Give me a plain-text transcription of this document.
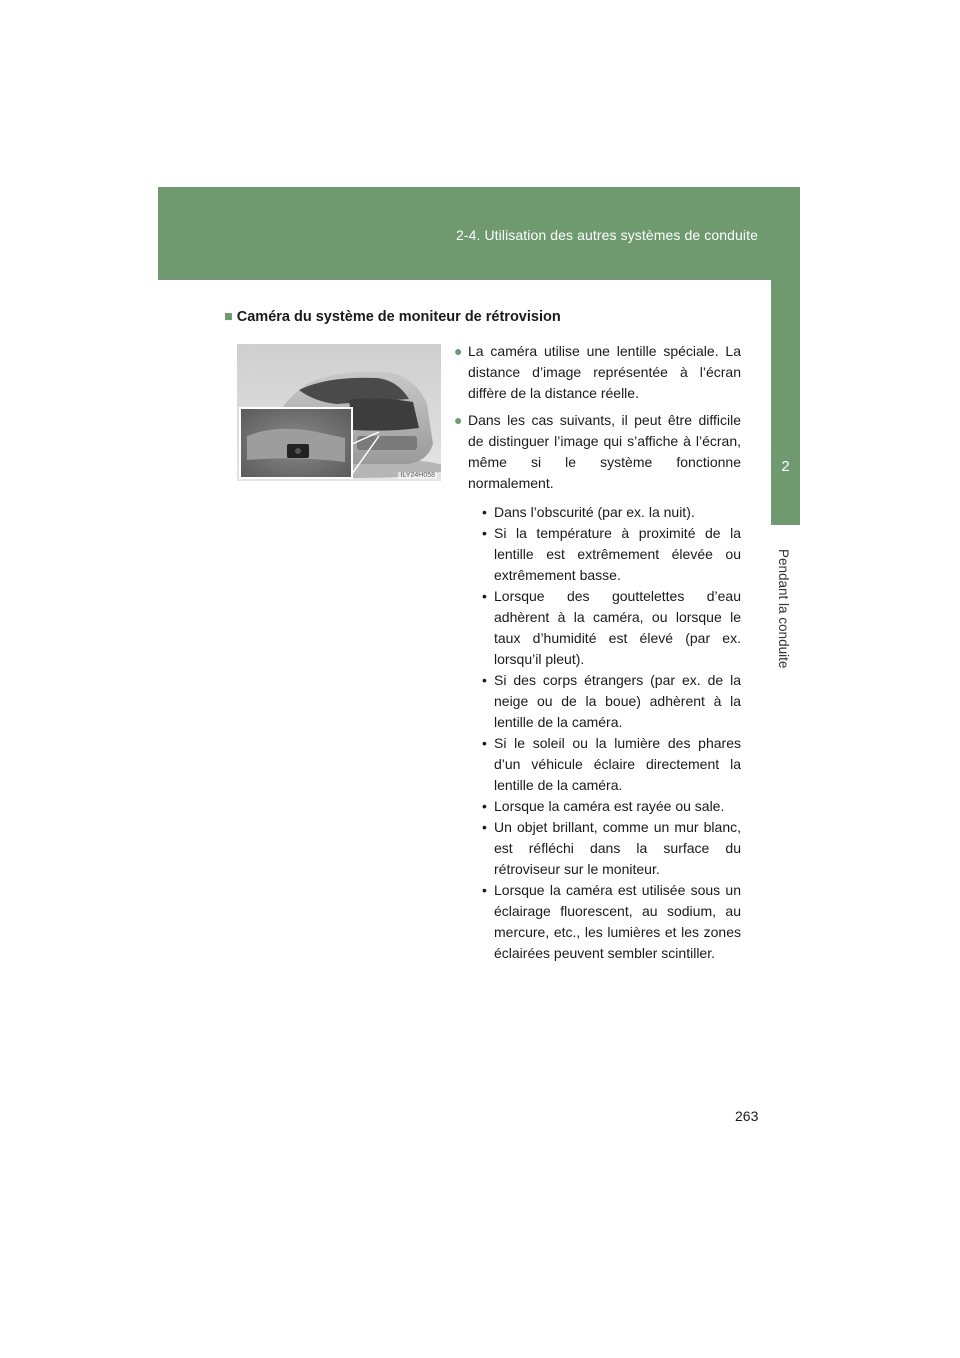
2-4. Utilisation des autres systèmes de conduite
2
Pendant la conduite
■ Caméra du système de moniteur de rétrovision
ILY24H058
● La caméra utilise une lentille spéciale. La distance d’image représentée à l’écran diffère de la distance réelle.
● Dans les cas suivants, il peut être difficile de distinguer l’image qui s’affiche à l’écran, même si le système fonctionne normalement.
• Dans l’obscurité (par ex. la nuit).
• Si la température à proximité de la lentille est extrêmement élevée ou extrêmement basse.
• Lorsque des gouttelettes d’eau adhèrent à la caméra, ou lorsque le taux d’humidité est élevé (par ex. lorsqu’il pleut).
• Si des corps étrangers (par ex. de la neige ou de la boue) adhèrent à la lentille de la caméra.
• Si le soleil ou la lumière des phares d’un véhicule éclaire directement la lentille de la caméra.
• Lorsque la caméra est rayée ou sale.
• Un objet brillant, comme un mur blanc, est réfléchi dans la surface du rétroviseur sur le moniteur.
• Lorsque la caméra est utilisée sous un éclairage fluorescent, au sodium, au mercure, etc., les lumières et les zones éclairées peuvent sembler scintiller.
263
